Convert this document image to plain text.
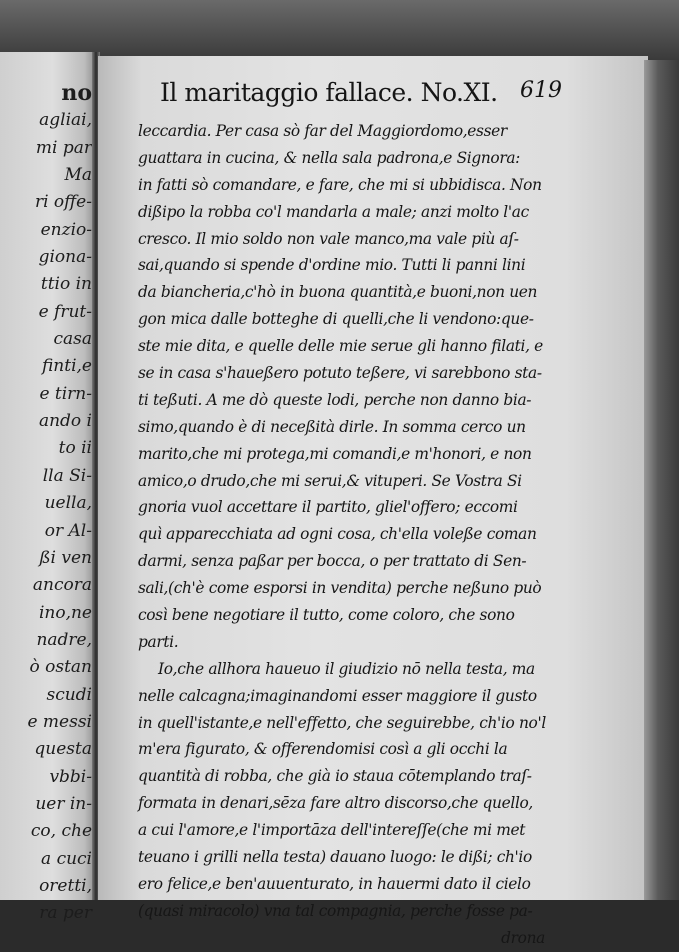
no
agliai,
mi par
Ma
ri offe-
enzio-
giona-
ttio in
e frut-
casa
finti,e
e tirn-
ando i
to ii
lla Si-
uella,
or Al-
ßi ven
ancora
ino,ne
nadre,
ò ostan
scudi
e messi
questa
vbbi-
uer in-
co, che
a cuci
oretti,
ra per
Il maritaggio fallace. No.XI. 619
leccardia. Per casa sò far del Maggiordomo,esser
guattara in cucina, & nella sala padrona,e Signora:
in fatti sò comandare, e fare, che mi si ubbidisca. Non
dißipo la robba co'l mandarla a male; anzi molto l'ac
cresco. Il mio soldo non vale manco,ma vale più aſ-
sai,quando si spende d'ordine mio. Tutti li panni lini
da biancheria,c'hò in buona quantità,e buoni,non uen
gon mica dalle botteghe di quelli,che li vendono:que-
ste mie dita, e quelle delle mie serue gli hanno filati, e
se in casa s'haueßero potuto teßere, vi sarebbono sta-
ti teßuti. A me dò queste lodi, perche non danno bia-
simo,quando è di neceßità dirle. In somma cerco un
marito,che mi protega,mi comandi,e m'honori, e non
amico,o drudo,che mi serui,& vituperi. Se Vostra Si
gnoria vuol accettare il partito, gliel'offero; eccomi
quì apparecchiata ad ogni cosa, ch'ella voleße coman
darmi, senza paßar per bocca, o per trattato di Sen-
sali,(ch'è come esporsi in vendita) perche neßuno può
così bene negotiare il tutto, come coloro, che sono
parti.
Io,che allhora haueuo il giudizio nō nella testa, ma
nelle calcagna;imaginandomi esser maggiore il gusto
in quell'istante,e nell'effetto, che seguirebbe, ch'io no'l
m'era figurato, & offerendomisi così a gli occhi la
quantità di robba, che già io staua cōtemplando traſ-
formata in denari,sēza fare altro discorso,che quello,
a cui l'amore,e l'importāza dell'intereſſe(che mi met
teuano i grilli nella testa) dauano luogo: le dißi; ch'io
ero felice,e ben'auuenturato, in hauermi dato il cielo
(quasi miracolo) vna tal compagnia, perche fosse pa-
drona
